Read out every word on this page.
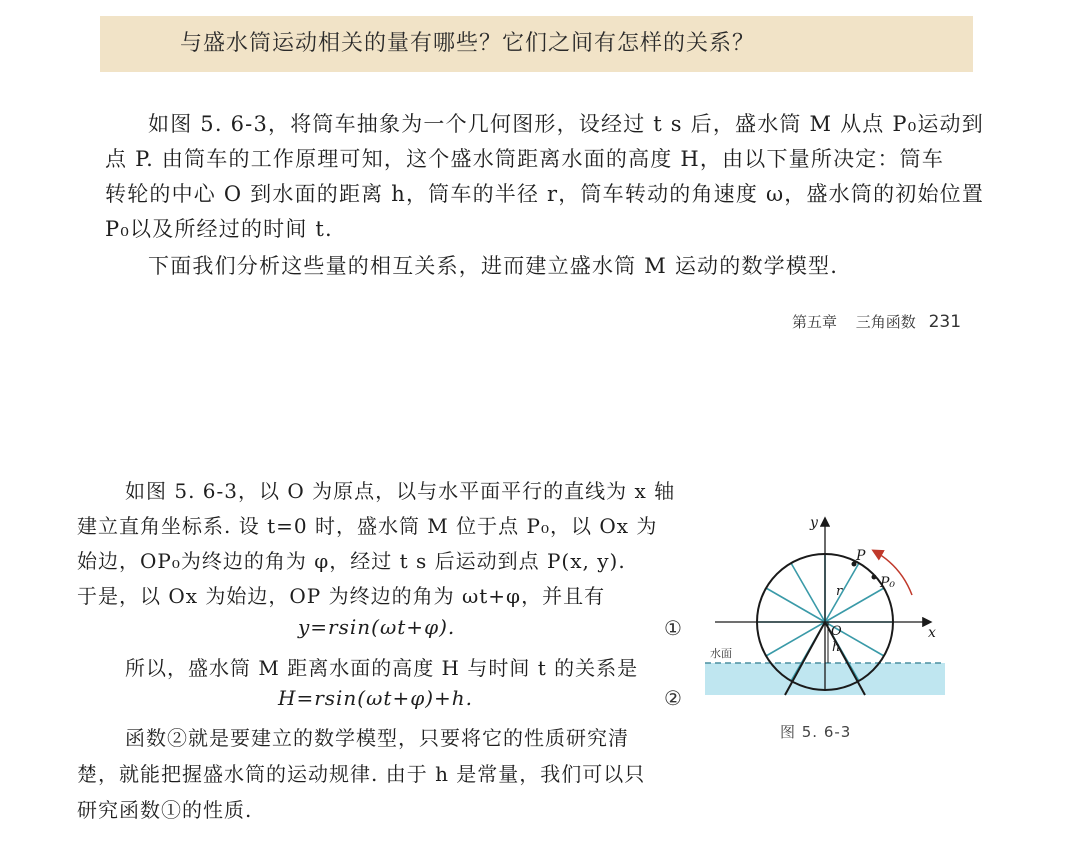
与盛水筒运动相关的量有哪些？它们之间有怎样的关系？
如图 5. 6-3，将筒车抽象为一个几何图形，设经过 t s 后，盛水筒 M 从点 P₀运动到
点 P. 由筒车的工作原理可知，这个盛水筒距离水面的高度 H，由以下量所决定：筒车
转轮的中心 O 到水面的距离 h，筒车的半径 r，筒车转动的角速度 ω，盛水筒的初始位置
P₀以及所经过的时间 t.
下面我们分析这些量的相互关系，进而建立盛水筒 M 运动的数学模型.
第五章 三角函数 231
如图 5. 6-3，以 O 为原点，以与水平面平行的直线为 x 轴
建立直角坐标系. 设 t=0 时，盛水筒 M 位于点 P₀，以 Ox 为
始边，OP₀为终边的角为 φ，经过 t s 后运动到点 P(x, y).
于是，以 Ox 为始边，OP 为终边的角为 ωt+φ，并且有
y=rsin(ωt+φ).	①
所以，盛水筒 M 距离水面的高度 H 与时间 t 的关系是
H=rsin(ωt+φ)+h.	②
函数②就是要建立的数学模型，只要将它的性质研究清
楚，就能把握盛水筒的运动规律. 由于 h 是常量，我们可以只
研究函数①的性质.
y
x
P
P₀
O
r
h
水面
图 5. 6-3
